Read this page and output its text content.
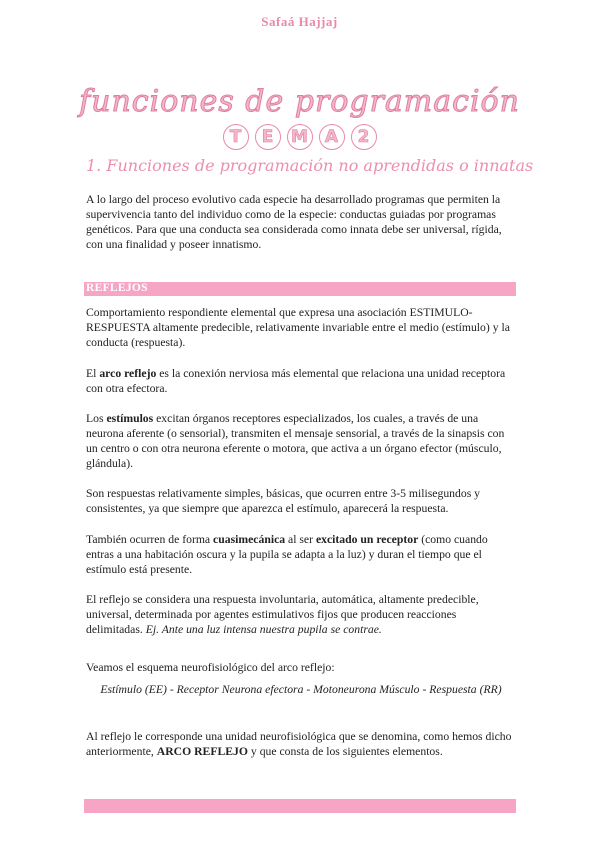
Safaá Hajjaj
funciones de programación
T	E	M A	2
1. Funciones de programación no aprendidas o innatas
A lo largo del proceso evolutivo cada especie ha desarrollado programas que permiten la supervivencia tanto del individuo como de la especie: conductas guiadas por programas genéticos. Para que una conducta sea considerada como innata debe ser universal, rígida, con una finalidad y poseer innatismo.
REFLEJOS
Comportamiento respondiente elemental que expresa una asociación ESTIMULO-RESPUESTA altamente predecible, relativamente invariable entre el medio (estímulo) y la conducta (respuesta).
El arco reflejo es la conexión nerviosa más elemental que relaciona una unidad receptora con otra efectora.
Los estímulos excitan órganos receptores especializados, los cuales, a través de una neurona aferente (o sensorial), transmiten el mensaje sensorial, a través de la sinapsis con un centro o con otra neurona eferente o motora, que activa a un órgano efector (músculo, glándula).
Son respuestas relativamente simples, básicas, que ocurren entre 3-5 milisegundos y consistentes, ya que siempre que aparezca el estímulo, aparecerá la respuesta.
También ocurren de forma cuasimecánica al ser excitado un receptor (como cuando entras a una habitación oscura y la pupila se adapta a la luz) y duran el tiempo que el estímulo está presente.
El reflejo se considera una respuesta involuntaria, automática, altamente predecible, universal, determinada por agentes estimulativos fijos que producen reacciones delimitadas. Ej. Ante una luz intensa nuestra pupila se contrae.
Veamos el esquema neurofisiológico del arco reflejo:
Estímulo (EE) - Receptor Neurona efectora - Motoneurona Músculo - Respuesta (RR)
Al reflejo le corresponde una unidad neurofisiológica que se denomina, como hemos dicho anteriormente, ARCO REFLEJO y que consta de los siguientes elementos.
